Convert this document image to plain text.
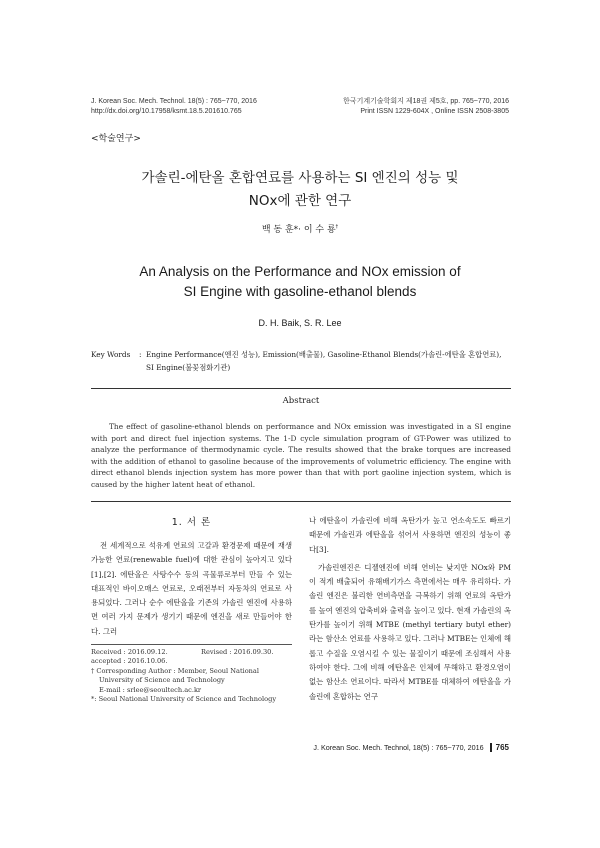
J. Korean Soc. Mech. Technol. 18(5) : 765~770, 2016
http://dx.doi.org/10.17958/ksmt.18.5.201610.765
한국기계기술학회지 제18권 제5호, pp. 765~770, 2016
Print ISSN 1229-604X , Online ISSN 2508-3805
<학술연구>
가솔린-에탄올 혼합연료를 사용하는 SI 엔진의 성능 및
NOx에 관한 연구
백 동 훈*· 이 수 룡†
An Analysis on the Performance and NOx emission of
SI Engine with gasoline-ethanol blends
D. H. Baik, S. R. Lee
Key Words : Engine Performance(엔진 성능), Emission(배출물), Gasoline-Ethanol Blends(가솔린-에탄올 혼합연료), SI Engine(불꽃점화기관)
Abstract
The effect of gasoline-ethanol blends on performance and NOx emission was investigated in a SI engine with port and direct fuel injection systems. The 1-D cycle simulation program of GT-Power was utilized to analyze the performance of thermodynamic cycle. The results showed that the brake torques are increased with the addition of ethanol to gasoline because of the improvements of volumetric efficiency. The engine with direct ethanol blends injection system has more power than that with port gaoline injection system, which is caused by the higher latent heat of ethanol.
1. 서 론

전 세계적으로 석유계 연료의 고갈과 환경문제 때문에 재생 가능한 연료(renewable fuel)에 대한 관심이 높아지고 있다[1],[2]. 에탄올은 사탕수수 등의 곡물류로부터 만들 수 있는 대표적인 바이오매스 연료로, 오래전부터 자동차의 연료로 사용되었다. 그러나 순수 에탄올을 기존의 가솔린 엔진에 사용하면 여러 가지 문제가 생기기 때문에 엔진을 새로 만들어야 한다. 그러

나 에탄올이 가솔린에 비해 옥탄가가 높고 연소속도도 빠르기 때문에 가솔린과 에탄올을 섞어서 사용하면 엔진의 성능이 좋다[3].

가솔린엔진은 디젤엔진에 비해 연비는 낮지만 NOx와 PM이 적게 배출되어 유해배기가스 측면에서는 매우 유리하다. 가솔린 엔진은 불리한 연비측면을 극복하기 위해 연료의 옥탄가를 높여 엔진의 압축비와 출력을 높이고 있다. 현재 가솔린의 옥탄가를 높이기 위해 MTBE (methyl tertiary butyl ether)라는 함산소 연료를 사용하고 있다. 그러나 MTBE는 인체에 해롭고 수질을 오염시킬 수 있는 물질이기 때문에 조심해서 사용하여야 한다. 그에 비해 에탄올은 인체에 무해하고 환경오염이 없는 함산소 연료이다. 따라서 MTBE를 대체하여 에탄올을 가솔린에 혼합하는 연구

Received : 2016.09.12.	Revised : 2016.09.30.
accepted : 2016.10.06.
† Corresponding Author : Member, Seoul National
University of Science and Technology
E-mail : srlee@seoultech.ac.kr
*: Seoul National University of Science and Technology
J. Korean Soc. Mech. Technol, 18(5) : 765~770, 2016 765
